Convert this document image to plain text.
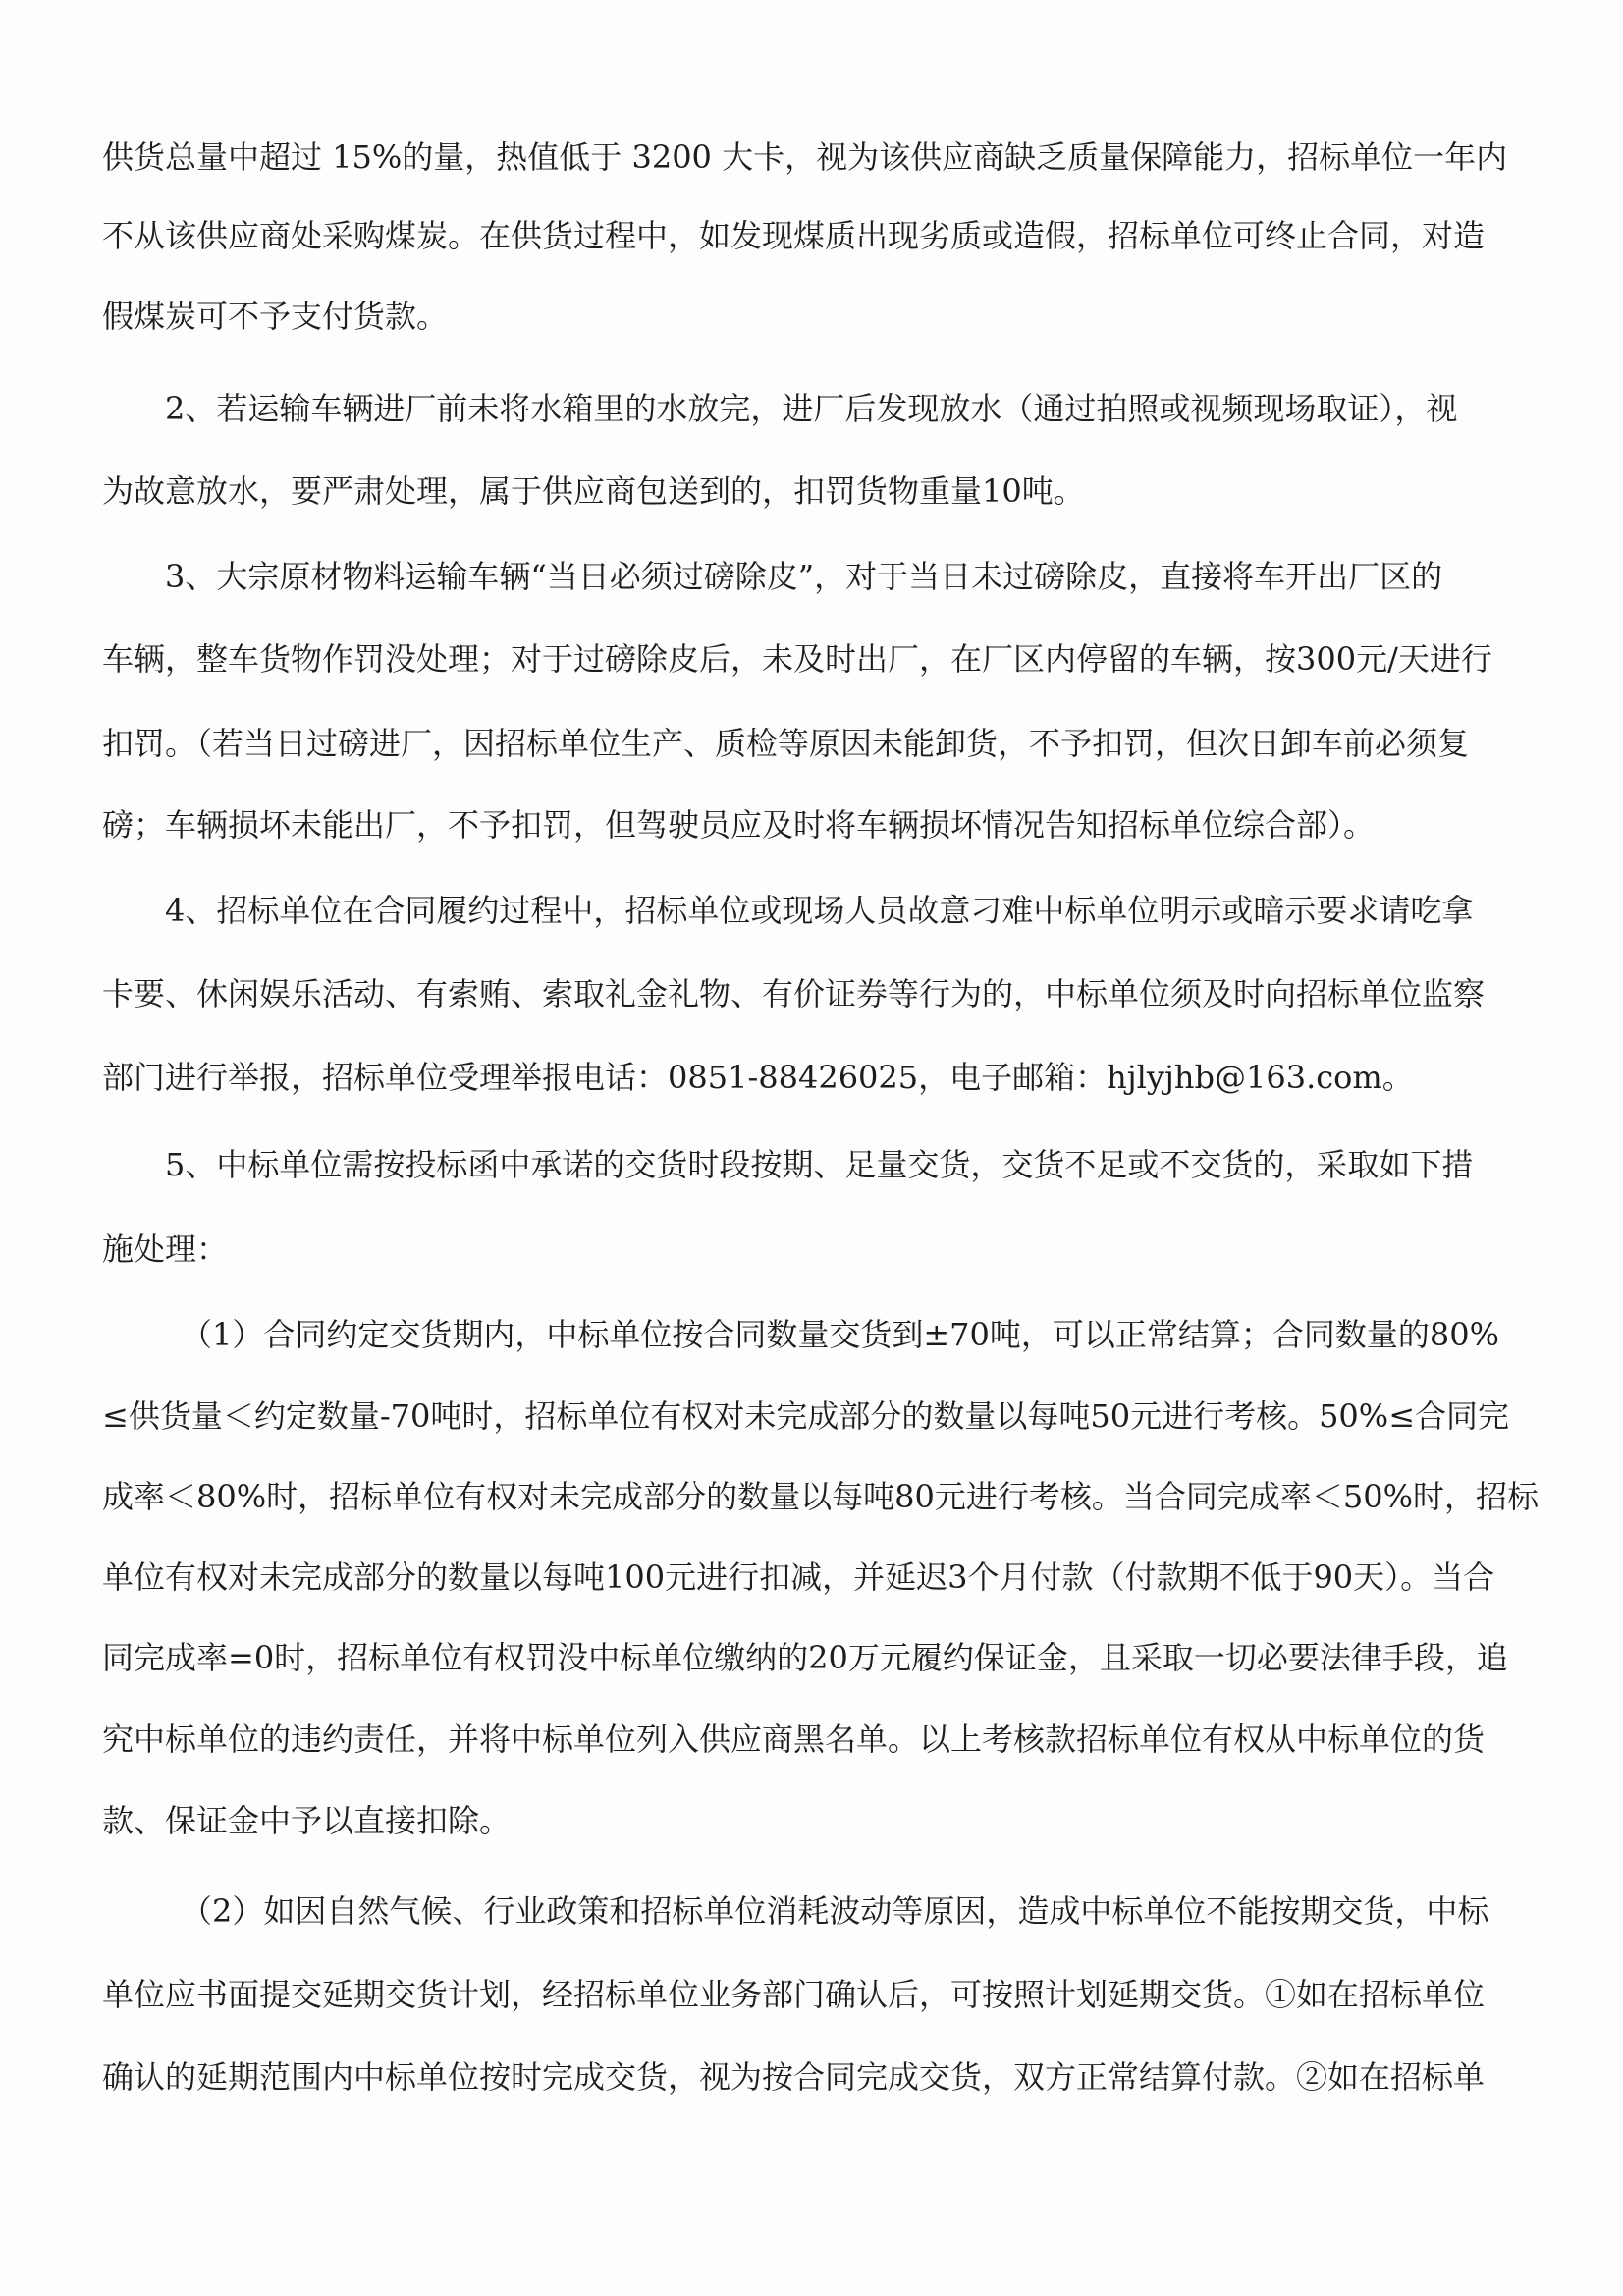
供货总量中超过 15%的量，热值低于 3200 大卡，视为该供应商缺乏质量保障能力，招标单位一年内

不从该供应商处采购煤炭。在供货过程中，如发现煤质出现劣质或造假，招标单位可终止合同，对造

假煤炭可不予支付货款。

2、若运输车辆进厂前未将水箱里的水放完，进厂后发现放水（通过拍照或视频现场取证），视

为故意放水，要严肃处理，属于供应商包送到的，扣罚货物重量10吨。

3、大宗原材物料运输车辆“当日必须过磅除皮”，对于当日未过磅除皮，直接将车开出厂区的

车辆，整车货物作罚没处理；对于过磅除皮后，未及时出厂，在厂区内停留的车辆，按300元/天进行

扣罚。（若当日过磅进厂，因招标单位生产、质检等原因未能卸货，不予扣罚，但次日卸车前必须复

磅；车辆损坏未能出厂，不予扣罚，但驾驶员应及时将车辆损坏情况告知招标单位综合部）。

4、招标单位在合同履约过程中，招标单位或现场人员故意刁难中标单位明示或暗示要求请吃拿

卡要、休闲娱乐活动、有索贿、索取礼金礼物、有价证券等行为的，中标单位须及时向招标单位监察

部门进行举报，招标单位受理举报电话：0851-88426025，电子邮箱：hjlyjhb@163.com。

5、中标单位需按投标函中承诺的交货时段按期、足量交货，交货不足或不交货的，采取如下措

施处理：

（1）合同约定交货期内，中标单位按合同数量交货到±70吨，可以正常结算；合同数量的80%

≤供货量＜约定数量-70吨时，招标单位有权对未完成部分的数量以每吨50元进行考核。50%≤合同完

成率＜80%时，招标单位有权对未完成部分的数量以每吨80元进行考核。当合同完成率＜50%时，招标

单位有权对未完成部分的数量以每吨100元进行扣减，并延迟3个月付款（付款期不低于90天）。当合

同完成率=0时，招标单位有权罚没中标单位缴纳的20万元履约保证金，且采取一切必要法律手段，追

究中标单位的违约责任，并将中标单位列入供应商黑名单。以上考核款招标单位有权从中标单位的货

款、保证金中予以直接扣除。

（2）如因自然气候、行业政策和招标单位消耗波动等原因，造成中标单位不能按期交货，中标

单位应书面提交延期交货计划，经招标单位业务部门确认后，可按照计划延期交货。①如在招标单位

确认的延期范围内中标单位按时完成交货，视为按合同完成交货，双方正常结算付款。②如在招标单
